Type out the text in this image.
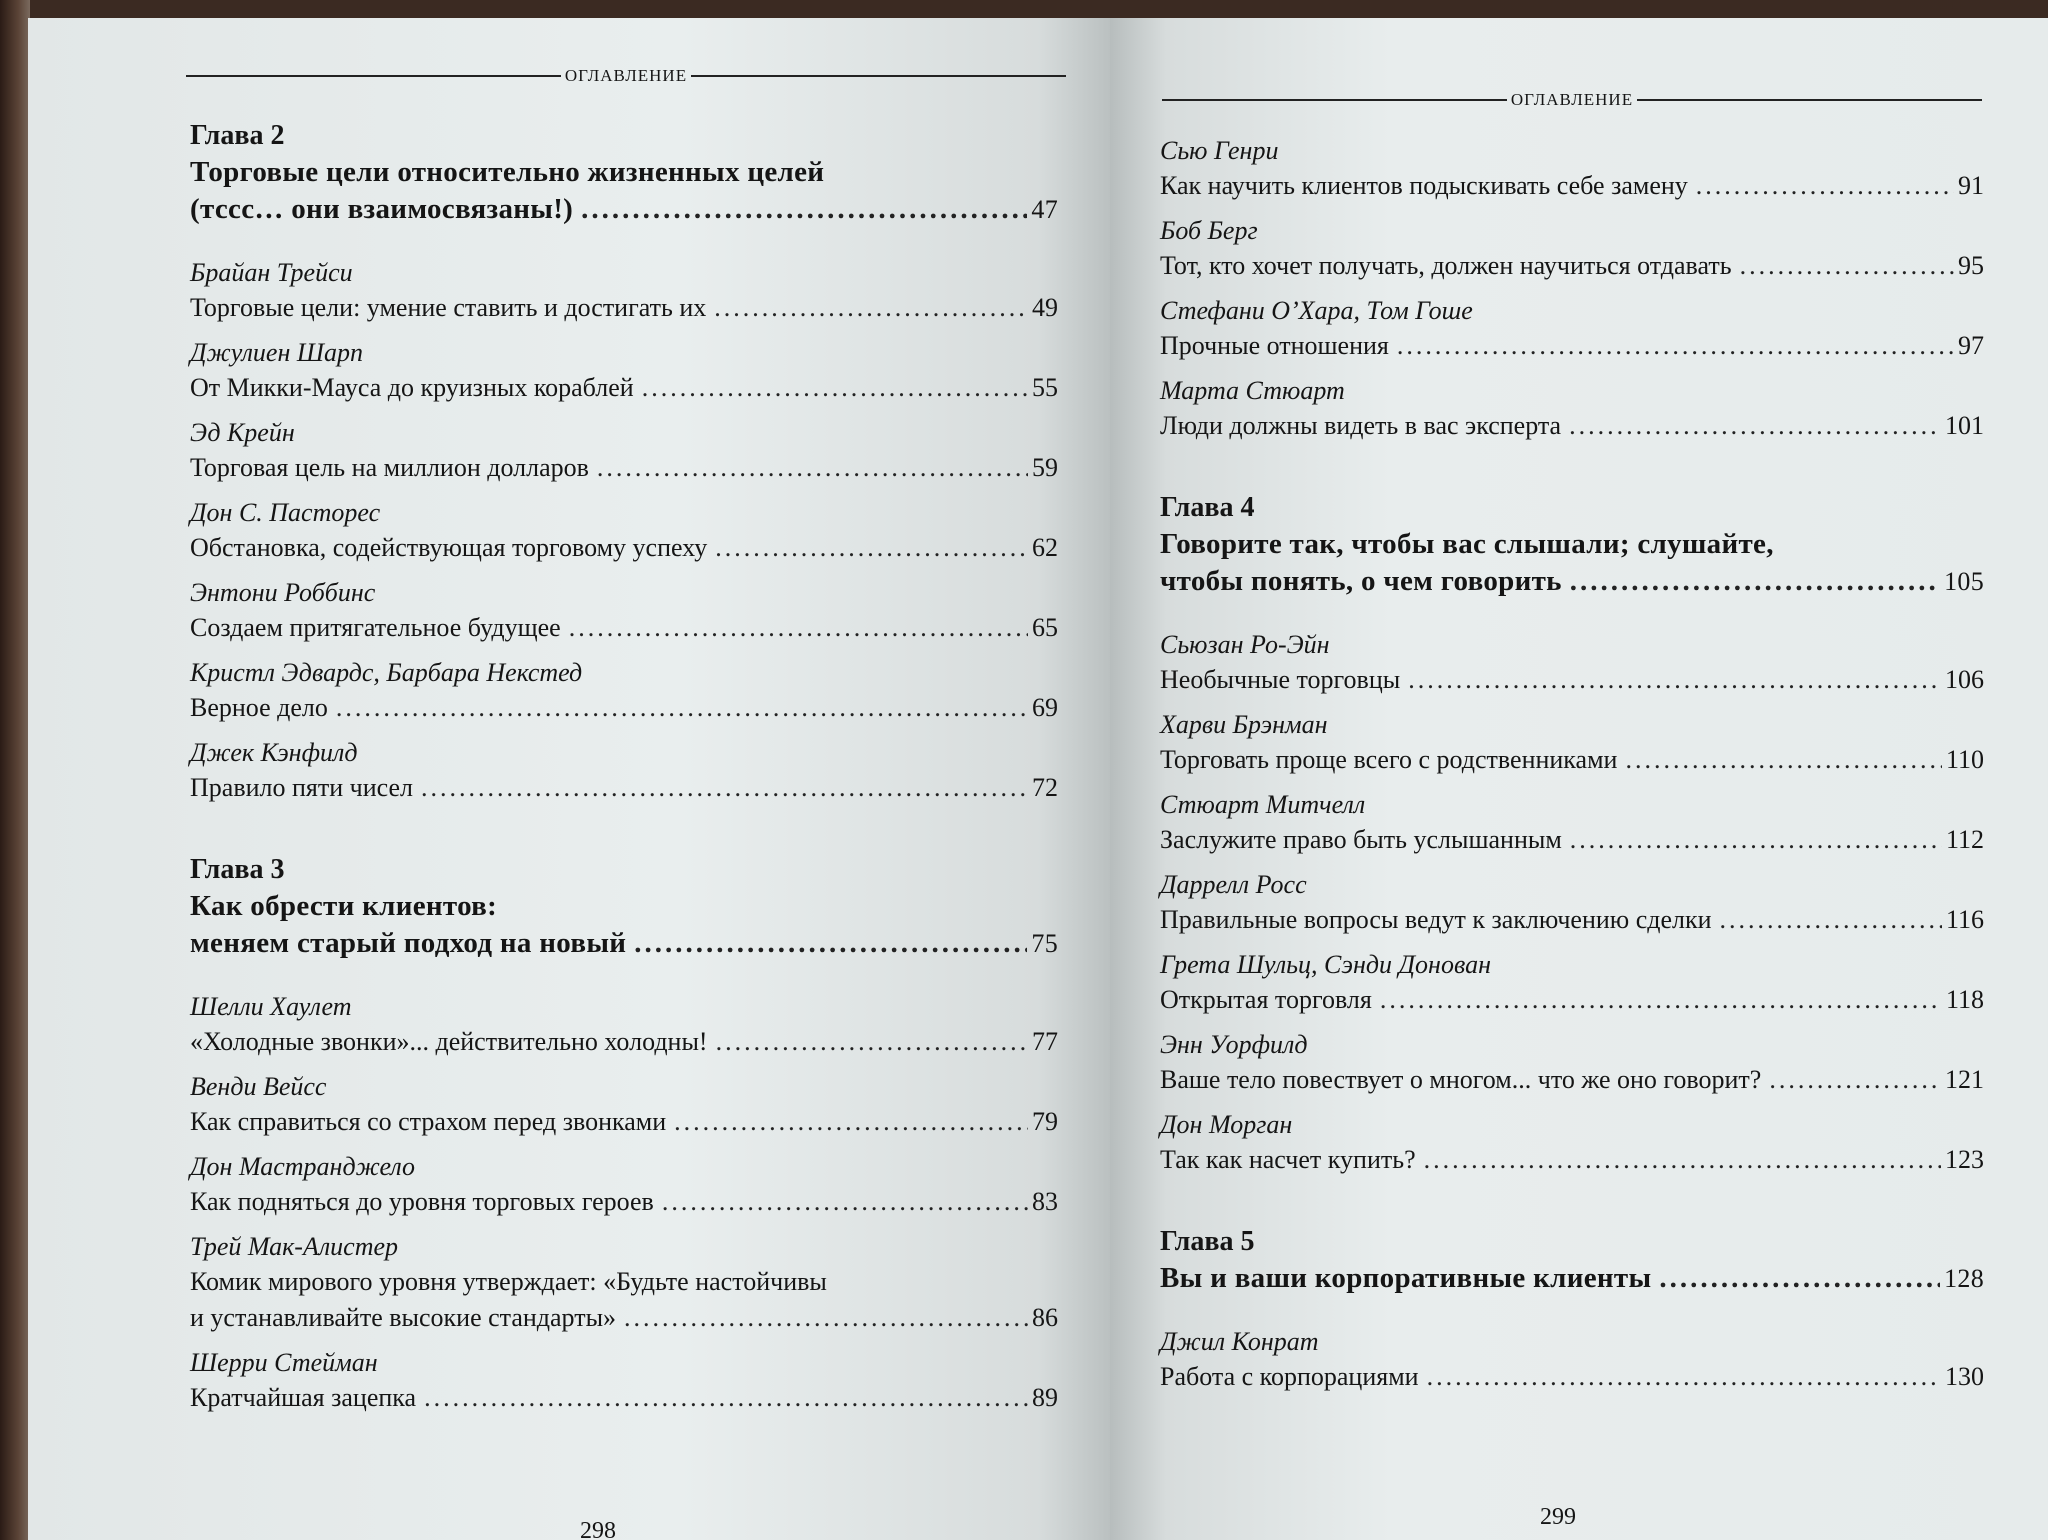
ОГЛАВЛЕНИЕ
Глава 2
Торговые цели относительно жизненных целей
(тссс… они взаимосвязаны!) .....	47
Брайан Трейси
Торговые цели: умение ставить и достигать их .....	49
Джулиен Шарп
От Микки-Мауса до круизных кораблей .....	55
Эд Крейн
Торговая цель на миллион долларов .....	59
Дон С. Пасторес
Обстановка, содействующая торговому успеху .....	62
Энтони Роббинс
Создаем притягательное будущее .....	65
Кристл Эдвардс, Барбара Некстед
Верное дело .....	69
Джек Кэнфилд
Правило пяти чисел .....	72
Глава 3
Как обрести клиентов:
меняем старый подход на новый .....	75
Шелли Хаулет
«Холодные звонки»... действительно холодны! .....	77
Венди Вейсс
Как справиться со страхом перед звонками .....	79
Дон Мастранджело
Как подняться до уровня торговых героев .....	83
Трей Мак-Алистер
Комик мирового уровня утверждает: «Будьте настойчивы
и устанавливайте высокие стандарты» .....	86
Шерри Стейман
Кратчайшая зацепка .....	89
298
ОГЛАВЛЕНИЕ
Сью Генри
Как научить клиентов подыскивать себе замену .....	91
Боб Берг
Тот, кто хочет получать, должен научиться отдавать .....	95
Стефани О’Хара, Том Гоше
Прочные отношения .....	97
Марта Стюарт
Люди должны видеть в вас эксперта .....	101
Глава 4
Говорите так, чтобы вас слышали; слушайте,
чтобы понять, о чем говорить .....	105
Сьюзан Ро-Эйн
Необычные торговцы .....	106
Харви Брэнман
Торговать проще всего с родственниками .....	110
Стюарт Митчелл
Заслужите право быть услышанным .....	112
Даррелл Росс
Правильные вопросы ведут к заключению сделки .....	116
Грета Шульц, Сэнди Донован
Открытая торговля .....	118
Энн Уорфилд
Ваше тело повествует о многом... что же оно говорит? .....	121
Дон Морган
Так как насчет купить? .....	123
Глава 5
Вы и ваши корпоративные клиенты .....	128
Джил Конрат
Работа с корпорациями .....	130
299
